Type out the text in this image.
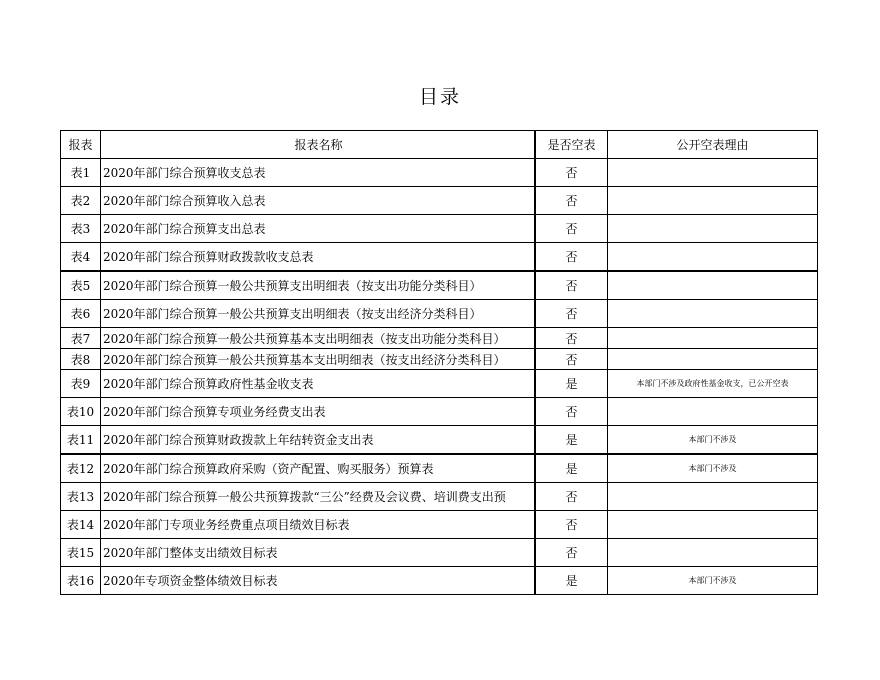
目录
报表	报表名称	是否空表	公开空表理由
表1	2020年部门综合预算收支总表	否	
表2	2020年部门综合预算收入总表	否	
表3	2020年部门综合预算支出总表	否	
表4	2020年部门综合预算财政拨款收支总表	否	
表5	2020年部门综合预算一般公共预算支出明细表（按支出功能分类科目）	否	
表6	2020年部门综合预算一般公共预算支出明细表（按支出经济分类科目）	否	
表7	2020年部门综合预算一般公共预算基本支出明细表（按支出功能分类科目）	否	
表8	2020年部门综合预算一般公共预算基本支出明细表（按支出经济分类科目）	否	
表9	2020年部门综合预算政府性基金收支表	是	本部门不涉及政府性基金收支，已公开空表
表10	2020年部门综合预算专项业务经费支出表	否	
表11	2020年部门综合预算财政拨款上年结转资金支出表	是	本部门不涉及
表12	2020年部门综合预算政府采购（资产配置、购买服务）预算表	是	本部门不涉及
表13	2020年部门综合预算一般公共预算拨款“三公”经费及会议费、培训费支出预	否	
表14	2020年部门专项业务经费重点项目绩效目标表	否	
表15	2020年部门整体支出绩效目标表	否	
表16	2020年专项资金整体绩效目标表	是	本部门不涉及
